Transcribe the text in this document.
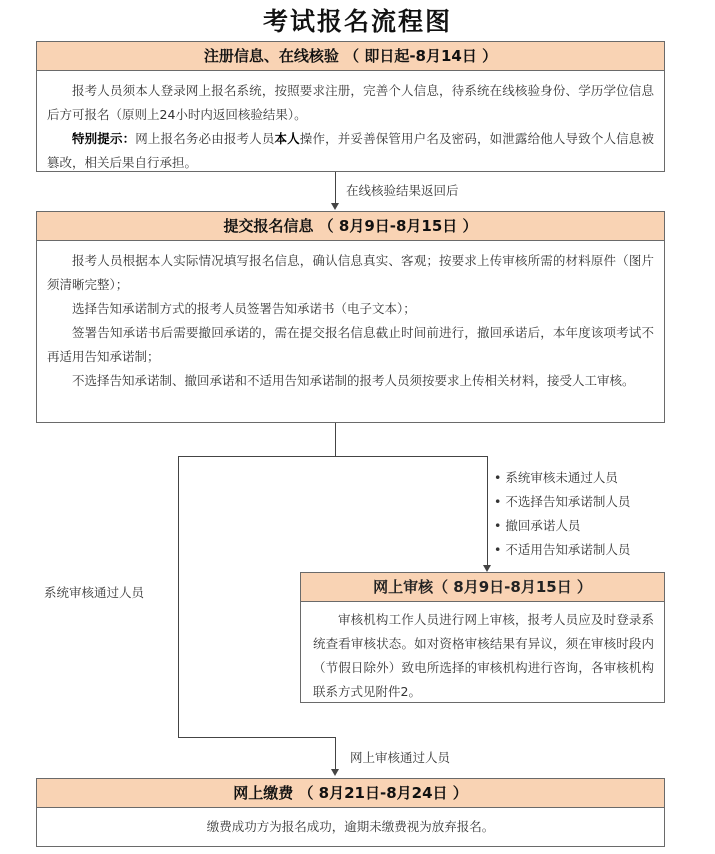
考试报名流程图
注册信息、在线核验 （ 即日起-8月14日 ）

报考人员须本人登录网上报名系统，按照要求注册，完善个人信息，待系统在线核验身份、学历学位信息后方可报名（原则上24小时内返回核验结果）。

特别提示：网上报名务必由报考人员本人操作，并妥善保管用户名及密码，如泄露给他人导致个人信息被篡改，相关后果自行承担。

在线核验结果返回后
提交报名信息 （ 8月9日-8月15日 ）

报考人员根据本人实际情况填写报名信息，确认信息真实、客观；按要求上传审核所需的材料原件（图片须清晰完整）；

选择告知承诺制方式的报考人员签署告知承诺书（电子文本）；

签署告知承诺书后需要撤回承诺的，需在提交报名信息截止时间前进行，撤回承诺后，本年度该项考试不再适用告知承诺制；

不选择告知承诺制、撤回承诺和不适用告知承诺制的报考人员须按要求上传相关材料，接受人工审核。

系统审核通过人员
• 系统审核未通过人员
• 不选择告知承诺制人员
• 撤回承诺人员
• 不适用告知承诺制人员
网上审核（ 8月9日-8月15日 ）

审核机构工作人员进行网上审核，报考人员应及时登录系统查看审核状态。如对资格审核结果有异议，须在审核时段内（节假日除外）致电所选择的审核机构进行咨询，各审核机构联系方式见附件2。

网上审核通过人员
网上缴费 （ 8月21日-8月24日 ）
缴费成功方为报名成功，逾期未缴费视为放弃报名。
